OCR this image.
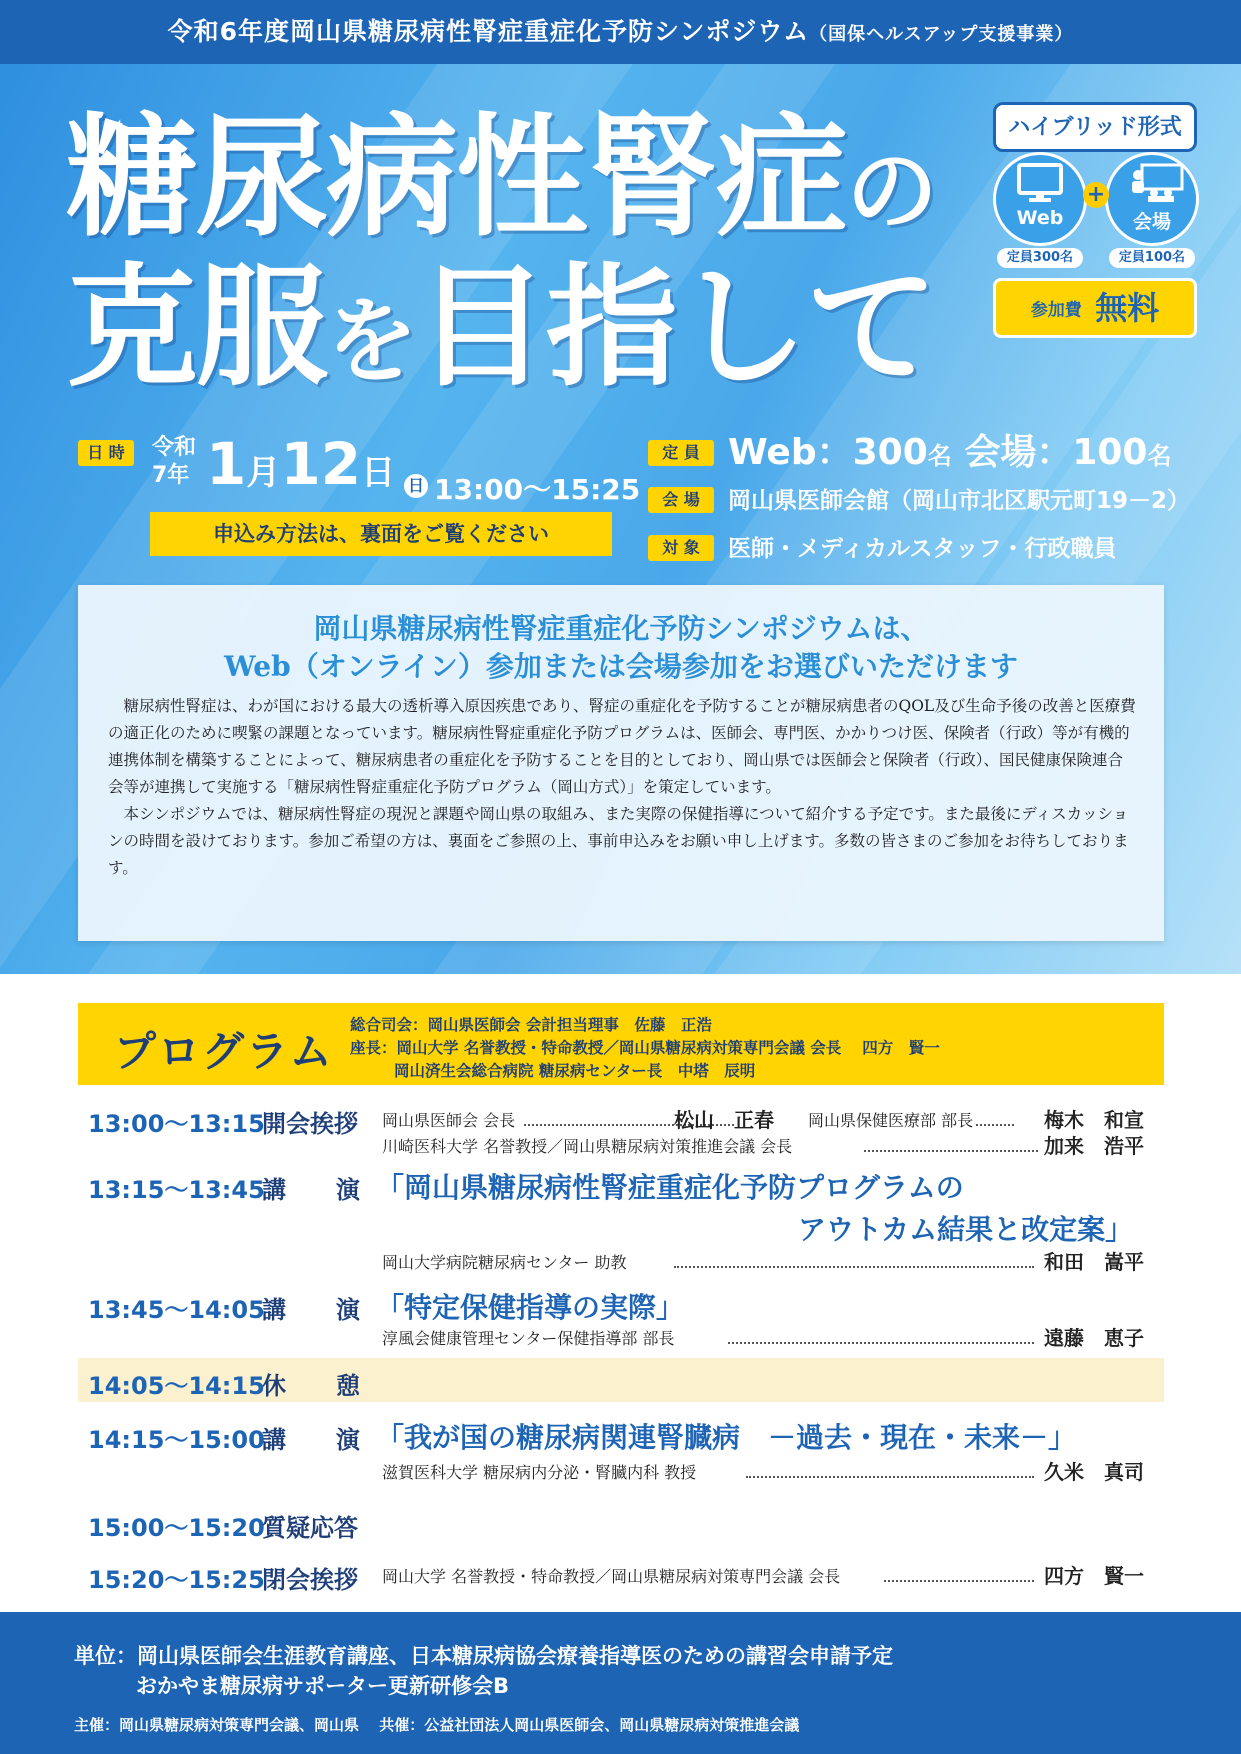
令和6年度岡山県糖尿病性腎症重症化予防シンポジウム（国保ヘルスアップ支援事業）
糖尿病性腎症の
克服を目指して
ハイブリッド形式
Web	会場
+
定員300名	定員100名
参加費 無料
日 時	令和
7年 1月12日 日 13:00～15:25
申込み方法は、裏面をご覧ください
定 員 Web：300名 会場：100名
会 場	岡山県医師会館（岡山市北区駅元町19－2）
対 象	医師・メディカルスタッフ・行政職員
岡山県糖尿病性腎症重症化予防シンポジウムは、
Web（オンライン）参加または会場参加をお選びいただけます

糖尿病性腎症は、わが国における最大の透析導入原因疾患であり、腎症の重症化を予防することが糖尿病患者のQOL及び生命予後の改善と医療費の適正化のために喫緊の課題となっています。糖尿病性腎症重症化予防プログラムは、医師会、専門医、かかりつけ医、保険者（行政）等が有機的連携体制を構築することによって、糖尿病患者の重症化を予防することを目的としており、岡山県では医師会と保険者（行政）、国民健康保険連合会等が連携して実施する「糖尿病性腎症重症化予防プログラム（岡山方式）」を策定しています。

本シンポジウムでは、糖尿病性腎症の現況と課題や岡山県の取組み、また実際の保健指導について紹介する予定です。また最後にディスカッションの時間を設けております。参加ご希望の方は、裏面をご参照の上、事前申込みをお願い申し上げます。多数の皆さまのご参加をお待ちしております。

プログラム
総合司会：岡山県医師会 会計担当理事　佐藤　正浩
座長：岡山大学 名誉教授・特命教授／岡山県糖尿病対策専門会議 会長　 四方　賢一
岡山済生会総合病院 糖尿病センター長　中塔　辰明
13:00～13:15
開会挨拶 岡山県医師会 会長	松山　正春 岡山県保健医療部 部長	梅木　和宣
川崎医科大学 名誉教授／岡山県糖尿病対策推進会議 会長	加来　浩平
13:15～13:45
講 演 「岡山県糖尿病性腎症重症化予防プログラムの
アウトカム結果と改定案」
岡山大学病院糖尿病センター 助教	和田　嵩平
13:45～14:05
講 演 「特定保健指導の実際」
淳風会健康管理センター保健指導部 部長	遠藤　恵子
14:05～14:15
休 憩
14:15～15:00
講 演 「我が国の糖尿病関連腎臓病　－過去・現在・未来－」
滋賀医科大学 糖尿病内分泌・腎臓内科 教授	久米　真司
15:00～15:20
質疑応答
15:20～15:25
閉会挨拶 岡山大学 名誉教授・特命教授／岡山県糖尿病対策専門会議 会長	四方　賢一
単位：岡山県医師会生涯教育講座、日本糖尿病協会療養指導医のための講習会申請予定
おかやま糖尿病サポーター更新研修会B
主催：岡山県糖尿病対策専門会議、岡山県　 共催：公益社団法人岡山県医師会、岡山県糖尿病対策推進会議
